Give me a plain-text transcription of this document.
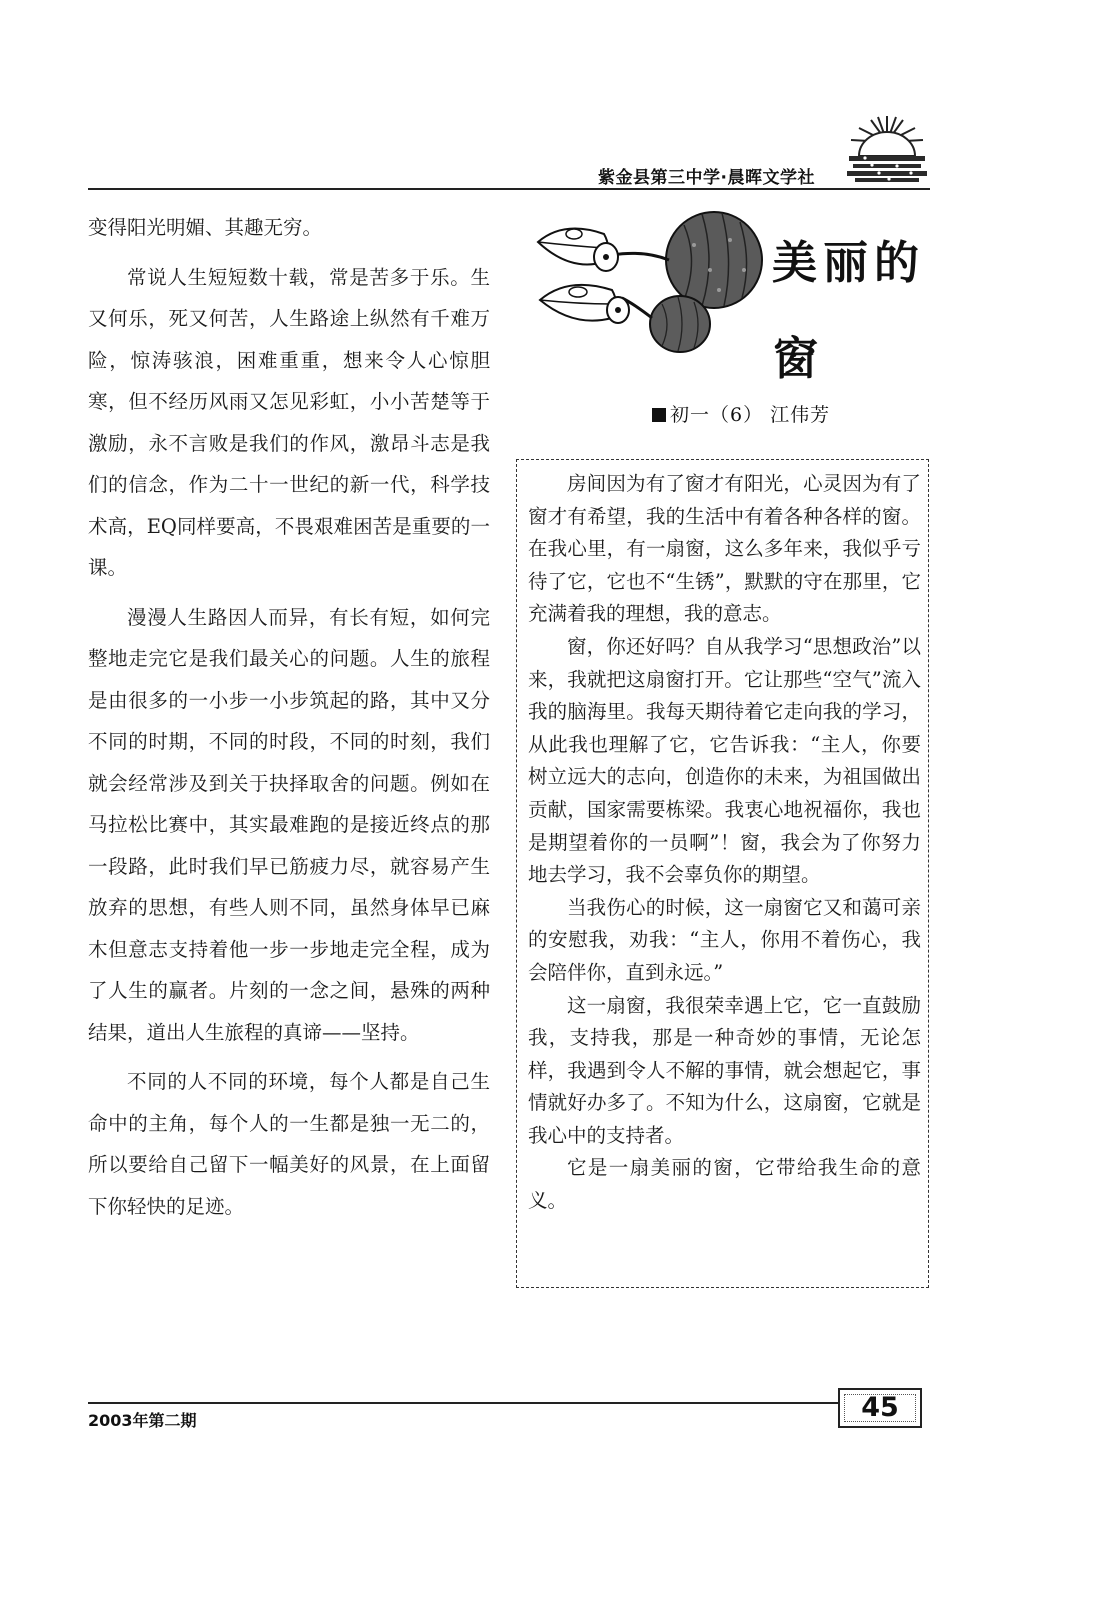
紫金县第三中学·晨晖文学社

变得阳光明媚、其趣无穷。

常说人生短短数十载，常是苦多于乐。生又何乐，死又何苦，人生路途上纵然有千难万险，惊涛骇浪，困难重重，想来令人心惊胆寒，但不经历风雨又怎见彩虹，小小苦楚等于激励，永不言败是我们的作风，激昂斗志是我们的信念，作为二十一世纪的新一代，科学技术高，EQ同样要高，不畏艰难困苦是重要的一课。

漫漫人生路因人而异，有长有短，如何完整地走完它是我们最关心的问题。人生的旅程是由很多的一小步一小步筑起的路，其中又分不同的时期，不同的时段，不同的时刻，我们就会经常涉及到关于抉择取舍的问题。例如在马拉松比赛中，其实最难跑的是接近终点的那一段路，此时我们早已筋疲力尽，就容易产生放弃的思想，有些人则不同，虽然身体早已麻木但意志支持着他一步一步地走完全程，成为了人生的赢者。片刻的一念之间，悬殊的两种结果，道出人生旅程的真谛——坚持。

不同的人不同的环境，每个人都是自己生命中的主角，每个人的一生都是独一无二的，所以要给自己留下一幅美好的风景，在上面留下你轻快的足迹。

美丽的
窗
初一（6） 江伟芳

房间因为有了窗才有阳光，心灵因为有了窗才有希望，我的生活中有着各种各样的窗。在我心里，有一扇窗，这么多年来，我似乎亏待了它，它也不“生锈”，默默的守在那里，它充满着我的理想，我的意志。

窗，你还好吗？自从我学习“思想政治”以来，我就把这扇窗打开。它让那些“空气”流入我的脑海里。我每天期待着它走向我的学习，从此我也理解了它，它告诉我：“主人，你要树立远大的志向，创造你的未来，为祖国做出贡献，国家需要栋梁。我衷心地祝福你，我也是期望着你的一员啊”！窗，我会为了你努力地去学习，我不会辜负你的期望。

当我伤心的时候，这一扇窗它又和蔼可亲的安慰我，劝我：“主人，你用不着伤心，我会陪伴你，直到永远。”

这一扇窗，我很荣幸遇上它，它一直鼓励我，支持我，那是一种奇妙的事情，无论怎样，我遇到令人不解的事情，就会想起它，事情就好办多了。不知为什么，这扇窗，它就是我心中的支持者。

它是一扇美丽的窗，它带给我生命的意义。

2003年第二期	45
